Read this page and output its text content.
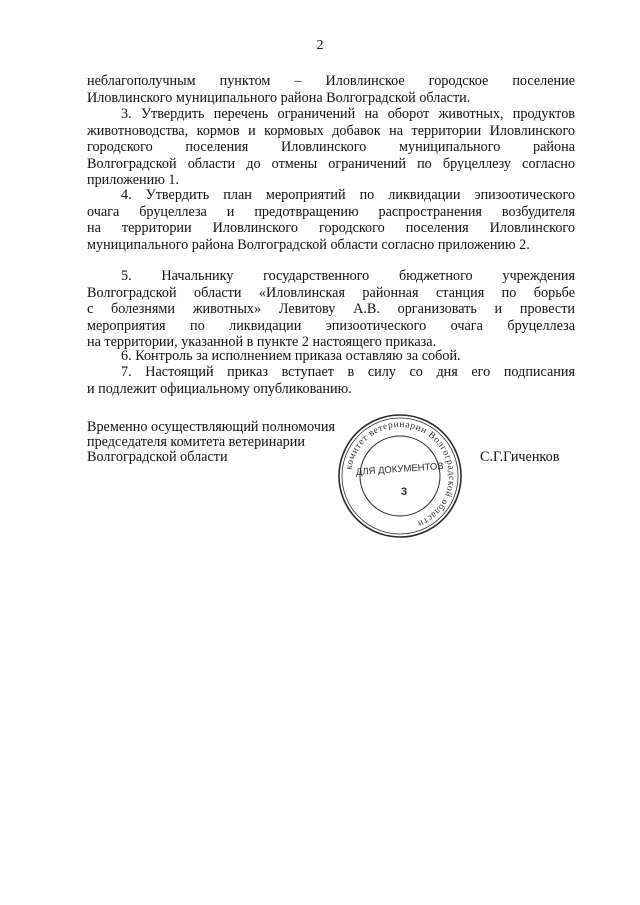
2
неблагополучным пунктом – Иловлинское городское поселение
Иловлинского муниципального района Волгоградской области.
3. Утвердить перечень ограничений на оборот животных, продуктов
животноводства, кормов и кормовых добавок на территории Иловлинского
городского поселения Иловлинского муниципального района
Волгоградской области до отмены ограничений по бруцеллезу согласно
приложению 1.
4. Утвердить план мероприятий по ликвидации эпизоотического
очага бруцеллеза и предотвращению распространения возбудителя
на территории Иловлинского городского поселения Иловлинского
муниципального района Волгоградской области согласно приложению 2.
5. Начальнику государственного бюджетного учреждения
Волгоградской области «Иловлинская районная станция по борьбе
с болезнями животных» Левитову А.В. организовать и провести
мероприятия по ликвидации эпизоотического очага бруцеллеза
на территории, указанной в пункте 2 настоящего приказа.
6. Контроль за исполнением приказа оставляю за собой.
7. Настоящий приказ вступает в силу со дня его подписания
и подлежит официальному опубликованию.
Временно осуществляющий полномочия
председателя комитета ветеринарии
Волгоградской области
комитет ветеринарии Волгоградской области
ДЛЯ ДОКУМЕНТОВ
3
С.Г.Гиченков
